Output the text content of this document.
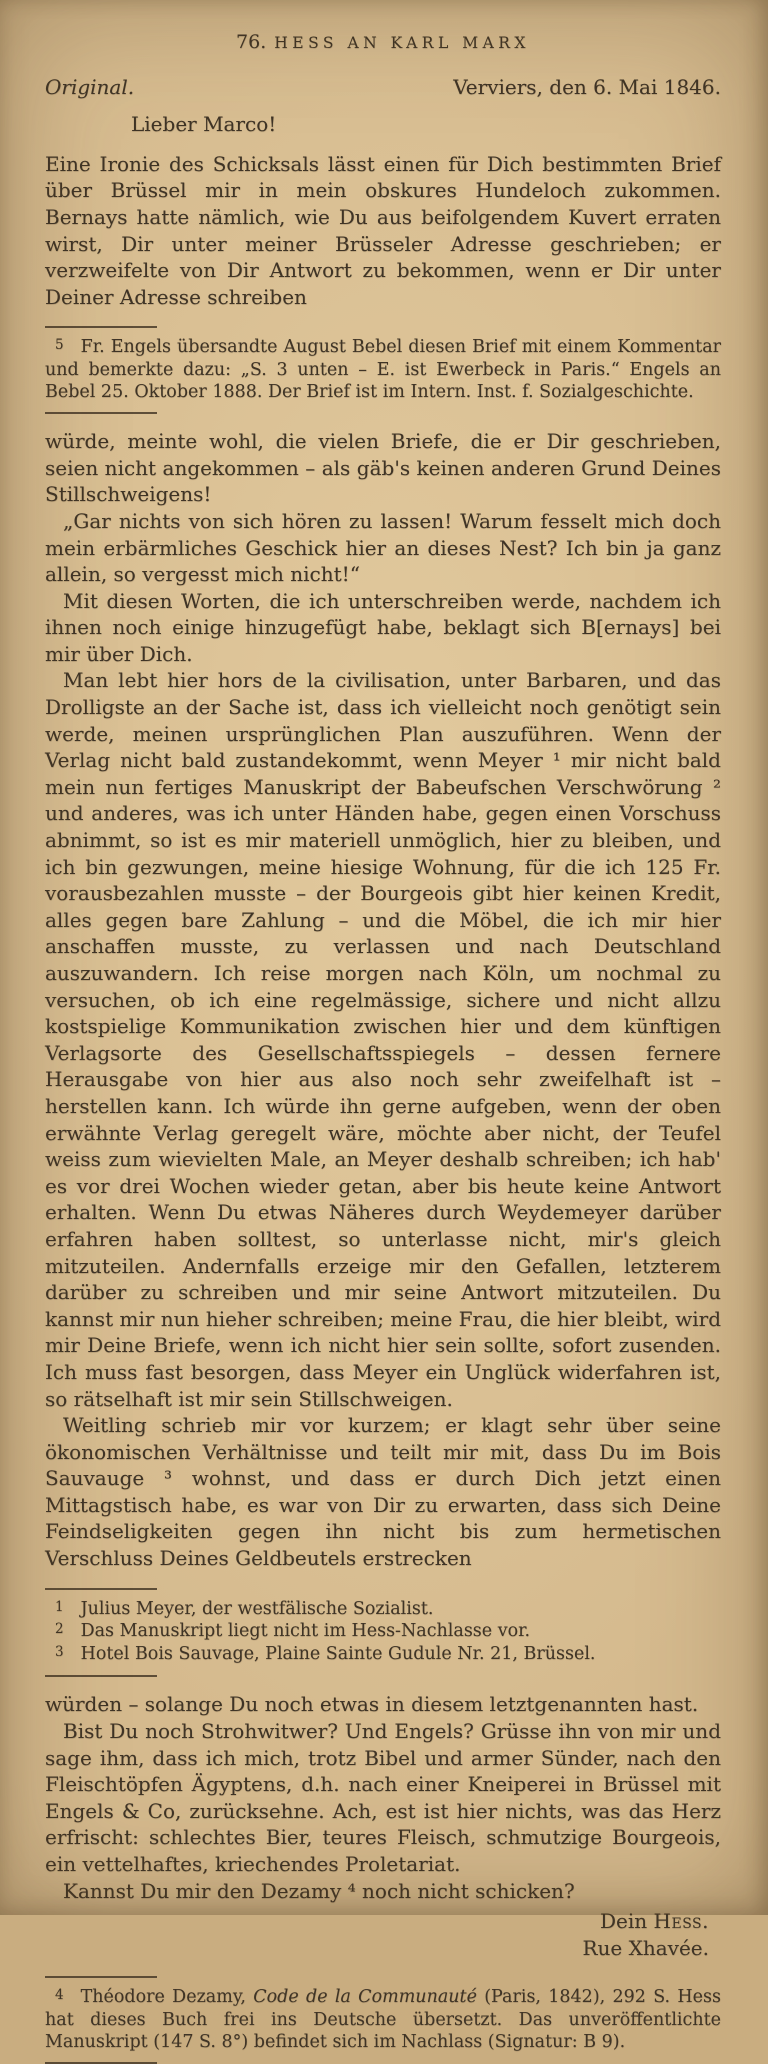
76. HESS AN KARL MARX
Original.	Verviers, den 6. Mai 1846.
Lieber Marco!

Eine Ironie des Schicksals lässt einen für Dich bestimmten Brief über Brüssel mir in mein obskures Hundeloch zukommen. Bernays hatte nämlich, wie Du aus beifolgendem Kuvert erraten wirst, Dir unter meiner Brüsseler Adresse geschrieben; er verzweifelte von Dir Antwort zu bekommen, wenn er Dir unter Deiner Adresse schreiben

5 Fr. Engels übersandte August Bebel diesen Brief mit einem Kommentar und bemerkte dazu: „S. 3 unten – E. ist Ewerbeck in Paris.“ Engels an Bebel 25. Oktober 1888. Der Brief ist im Intern. Inst. f. Sozialgeschichte.

würde, meinte wohl, die vielen Briefe, die er Dir geschrieben, seien nicht angekommen – als gäb's keinen anderen Grund Deines Stillschweigens!

„Gar nichts von sich hören zu lassen! Warum fesselt mich doch mein erbärmliches Geschick hier an dieses Nest? Ich bin ja ganz allein, so vergesst mich nicht!“

Mit diesen Worten, die ich unterschreiben werde, nachdem ich ihnen noch einige hinzugefügt habe, beklagt sich B[ernays] bei mir über Dich.

Man lebt hier hors de la civilisation, unter Barbaren, und das Drolligste an der Sache ist, dass ich vielleicht noch genötigt sein werde, meinen ursprünglichen Plan auszuführen. Wenn der Verlag nicht bald zustandekommt, wenn Meyer ¹ mir nicht bald mein nun fertiges Manuskript der Babeufschen Verschwörung ² und anderes, was ich unter Händen habe, gegen einen Vorschuss abnimmt, so ist es mir materiell unmöglich, hier zu bleiben, und ich bin gezwungen, meine hiesige Wohnung, für die ich 125 Fr. vorausbezahlen musste – der Bourgeois gibt hier keinen Kredit, alles gegen bare Zahlung – und die Möbel, die ich mir hier anschaffen musste, zu verlassen und nach Deutschland auszuwandern. Ich reise morgen nach Köln, um nochmal zu versuchen, ob ich eine regelmässige, sichere und nicht allzu kostspielige Kommunikation zwischen hier und dem künftigen Verlagsorte des Gesellschaftsspiegels – dessen fernere Herausgabe von hier aus also noch sehr zweifelhaft ist – herstellen kann. Ich würde ihn gerne aufgeben, wenn der oben erwähnte Verlag geregelt wäre, möchte aber nicht, der Teufel weiss zum wievielten Male, an Meyer deshalb schreiben; ich hab' es vor drei Wochen wieder getan, aber bis heute keine Antwort erhalten. Wenn Du etwas Näheres durch Weydemeyer darüber erfahren haben solltest, so unterlasse nicht, mir's gleich mitzuteilen. Andernfalls erzeige mir den Gefallen, letzterem darüber zu schreiben und mir seine Antwort mitzuteilen. Du kannst mir nun hieher schreiben; meine Frau, die hier bleibt, wird mir Deine Briefe, wenn ich nicht hier sein sollte, sofort zusenden. Ich muss fast besorgen, dass Meyer ein Unglück widerfahren ist, so rätselhaft ist mir sein Stillschweigen.

Weitling schrieb mir vor kurzem; er klagt sehr über seine ökonomischen Verhältnisse und teilt mir mit, dass Du im Bois Sauvauge ³ wohnst, und dass er durch Dich jetzt einen Mittagstisch habe, es war von Dir zu erwarten, dass sich Deine Feindseligkeiten gegen ihn nicht bis zum hermetischen Verschluss Deines Geldbeutels erstrecken

1 Julius Meyer, der westfälische Sozialist.
2 Das Manuskript liegt nicht im Hess-Nachlasse vor.
3 Hotel Bois Sauvage, Plaine Sainte Gudule Nr. 21, Brüssel.

würden – solange Du noch etwas in diesem letztgenannten hast.

Bist Du noch Strohwitwer? Und Engels? Grüsse ihn von mir und sage ihm, dass ich mich, trotz Bibel und armer Sünder, nach den Fleischtöpfen Ägyptens, d.h. nach einer Kneiperei in Brüssel mit Engels & Co, zurücksehne. Ach, est ist hier nichts, was das Herz erfrischt: schlechtes Bier, teures Fleisch, schmutzige Bourgeois, ein vettelhaftes, kriechendes Proletariat.

Kannst Du mir den Dezamy ⁴ noch nicht schicken?

Dein Hess.
Rue Xhavée.
4 Théodore Dezamy, Code de la Communauté (Paris, 1842), 292 S. Hess hat dieses Buch frei ins Deutsche übersetzt. Das unveröffentlichte Manuskript (147 S. 8°) befindet sich im Nachlass (Signatur: B 9).
